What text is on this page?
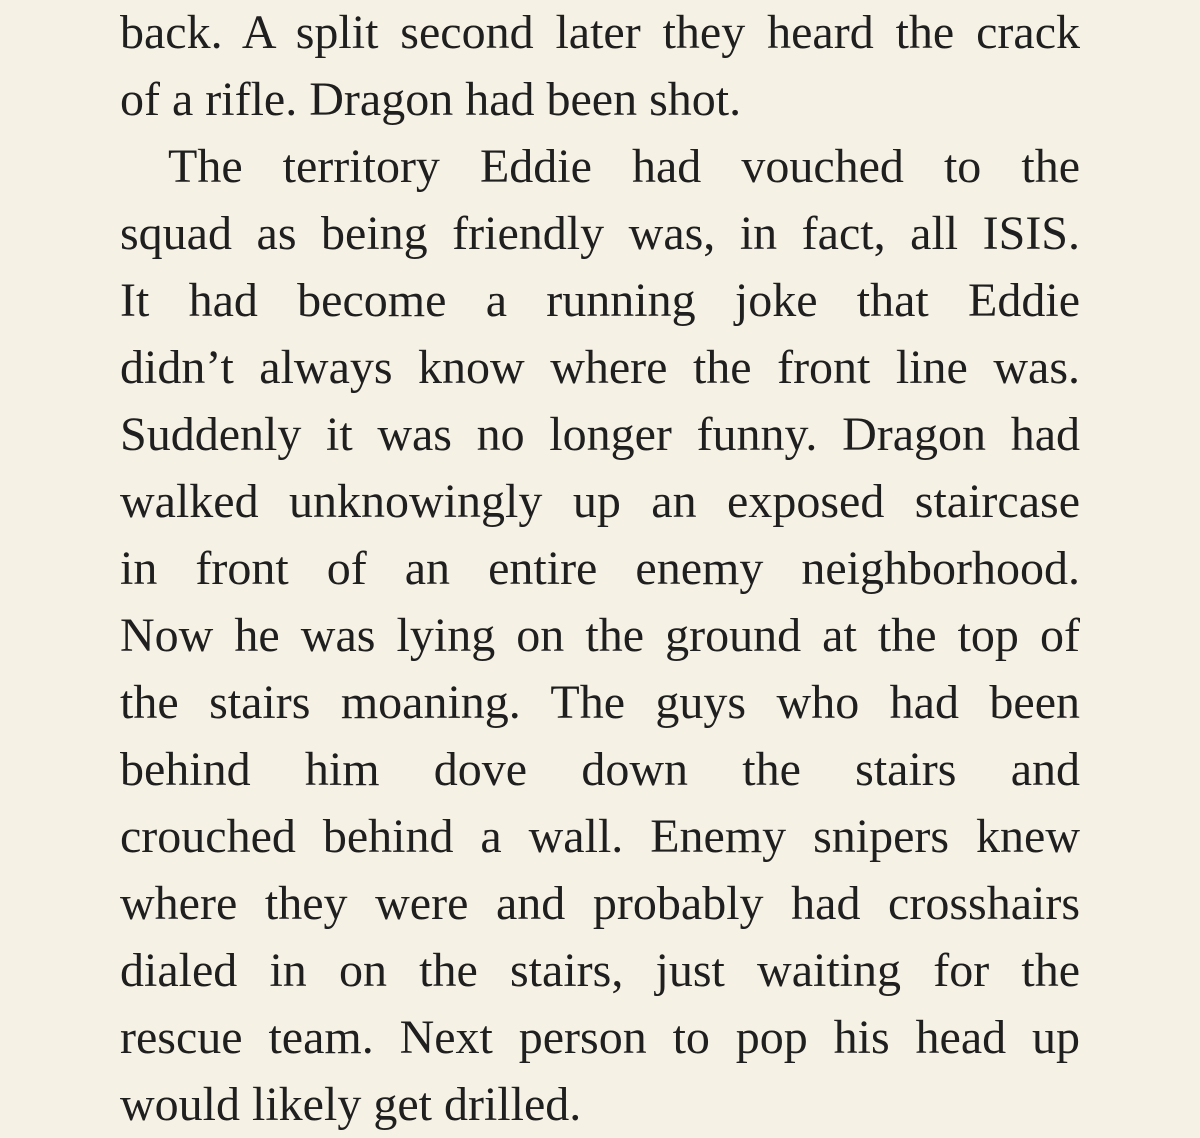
back. A split second later they heard the crack
of a rifle. Dragon had been shot.
The territory Eddie had vouched to the
squad as being friendly was, in fact, all ISIS.
It had become a running joke that Eddie
didn’t always know where the front line was.
Suddenly it was no longer funny. Dragon had
walked unknowingly up an exposed staircase
in front of an entire enemy neighborhood.
Now he was lying on the ground at the top of
the stairs moaning. The guys who had been
behind him dove down the stairs and
crouched behind a wall. Enemy snipers knew
where they were and probably had crosshairs
dialed in on the stairs, just waiting for the
rescue team. Next person to pop his head up
would likely get drilled.
